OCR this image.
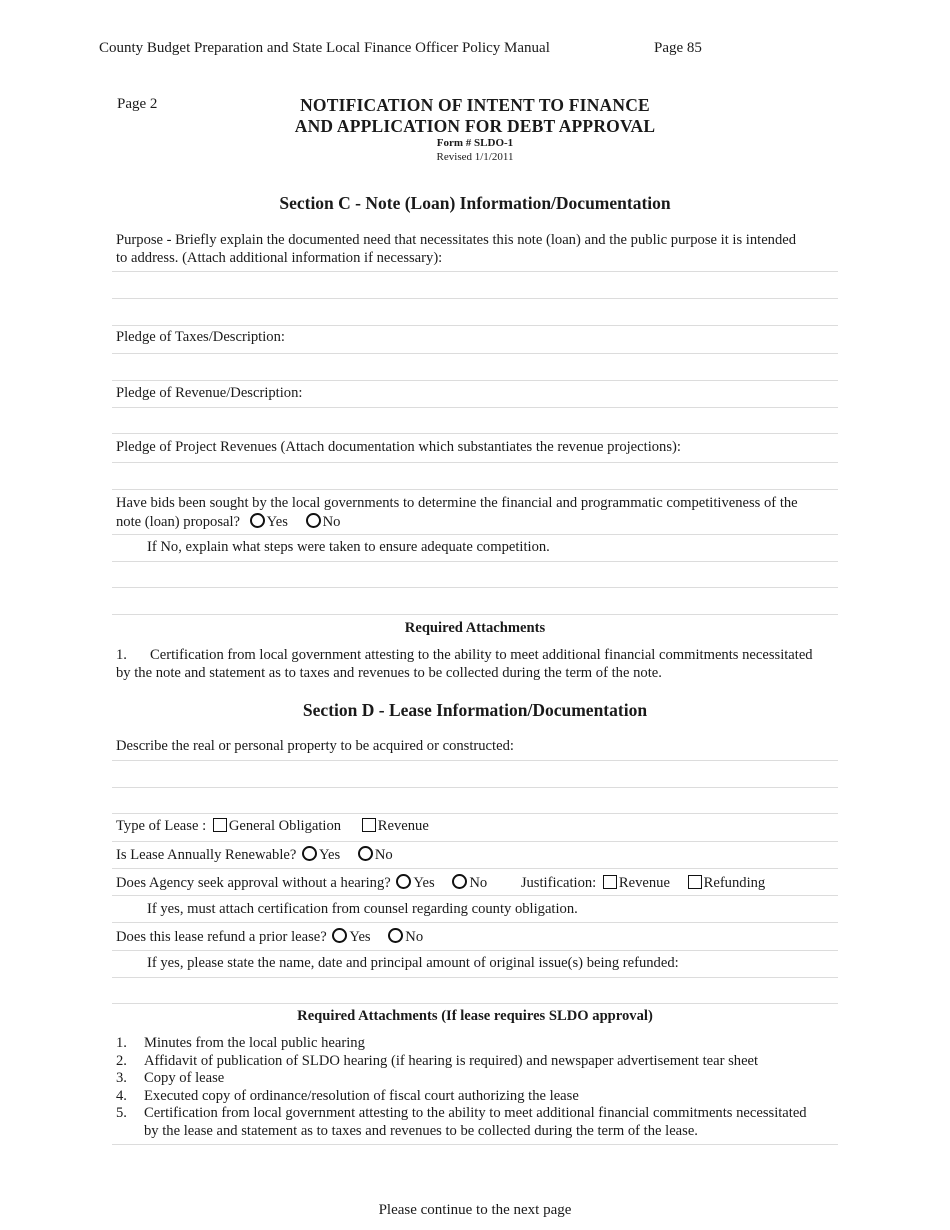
County Budget Preparation and State Local Finance Officer Policy Manual	Page 85
Page 2	NOTIFICATION OF INTENT TO FINANCE
AND APPLICATION FOR DEBT APPROVAL
Form # SLDO-1
Revised 1/1/2011
Section C - Note (Loan) Information/Documentation
Purpose - Briefly explain the documented need that necessitates this note (loan) and the public purpose it is intended
to address. (Attach additional information if necessary):
Pledge of Taxes/Description:
Pledge of Revenue/Description:
Pledge of Project Revenues (Attach documentation which substantiates the revenue projections):
Have bids been sought by the local governments to determine the financial and programmatic competitiveness of the
note (loan) proposal? Yes No
If No, explain what steps were taken to ensure adequate competition.
Required Attachments
1. Certification from local government attesting to the ability to meet additional financial commitments necessitated
by the note and statement as to taxes and revenues to be collected during the term of the note.
Section D - Lease Information/Documentation
Describe the real or personal property to be acquired or constructed:
Type of Lease : General Obligation	Revenue
Is Lease Annually Renewable? Yes No
Does Agency seek approval without a hearing? Yes No Justification: Revenue Refunding
If yes, must attach certification from counsel regarding county obligation.
Does this lease refund a prior lease? Yes No
If yes, please state the name, date and principal amount of original issue(s) being refunded:
Required Attachments (If lease requires SLDO approval)
1. Minutes from the local public hearing
2. Affidavit of publication of SLDO hearing (if hearing is required) and newspaper advertisement tear sheet
3. Copy of lease
4. Executed copy of ordinance/resolution of fiscal court authorizing the lease
5. Certification from local government attesting to the ability to meet additional financial commitments necessitated
by the lease and statement as to taxes and revenues to be collected during the term of the lease.
Please continue to the next page
